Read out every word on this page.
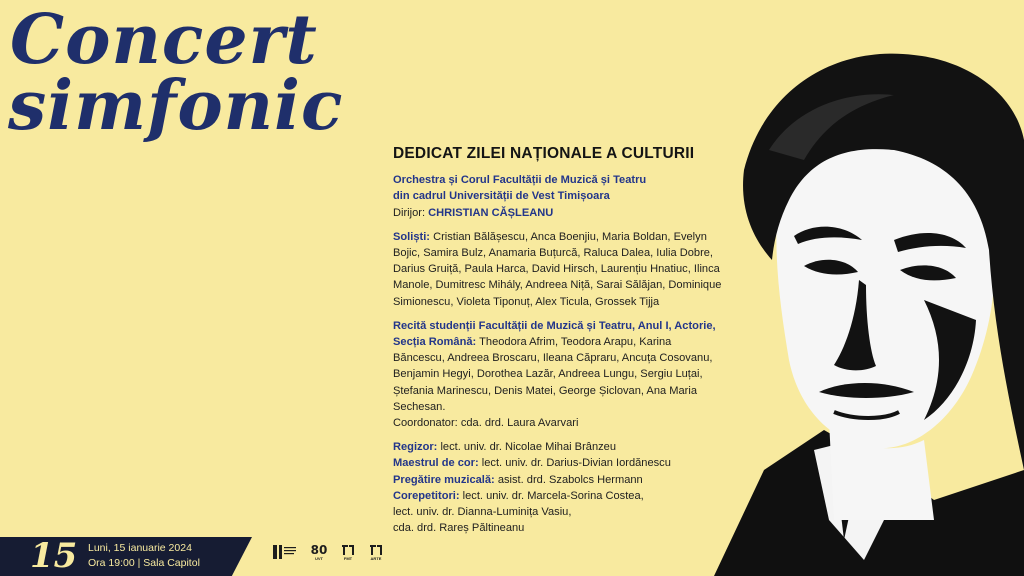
Concert
simfonic
DEDICAT ZILEI NAȚIONALE A CULTURII
Orchestra și Corul Facultății de Muzică și Teatru
din cadrul Universității de Vest Timișoara
Dirijor: CHRISTIAN CĂȘLEANU
Soliști: Cristian Bălășescu, Anca Boenjiu, Maria Boldan, Evelyn Bojic, Samira Bulz, Anamaria Buțurcă, Raluca Dalea, Iulia Dobre, Darius Gruiță, Paula Harca, David Hirsch, Laurențiu Hnatiuc, Ilinca Manole, Dumitresc Mihály, Andreea Niță, Sarai Sălăjan, Dominique Simionescu, Violeta Tiponuț, Alex Ticula, Grossek Tijja
Recită studenții Facultății de Muzică și Teatru, Anul I, Actorie, Secția Română: Theodora Afrim, Teodora Arapu, Karina Băncescu, Andreea Broscaru, Ileana Căpraru, Ancuța Cosovanu, Benjamin Hegyi, Dorothea Lazăr, Andreea Lungu, Sergiu Luțai, Ștefania Marinescu, Denis Matei, George Șiclovan, Ana Maria Sechesan.
Coordonator: cda. drd. Laura Avarvari
Regizor: lect. univ. dr. Nicolae Mihai Brânzeu
Maestrul de cor: lect. univ. dr. Darius-Divian Iordănescu
Pregătire muzicală: asist. drd. Szabolcs Hermann
Corepetitori: lect. univ. dr. Marcela-Sorina Costea,
lect. univ. dr. Dianna-Luminița Vasiu,
cda. drd. Rareș Păltineanu
15 Luni, 15 ianuarie 2024
Ora 19:00 | Sala Capitol
80
UVT	FMT	ARTE
